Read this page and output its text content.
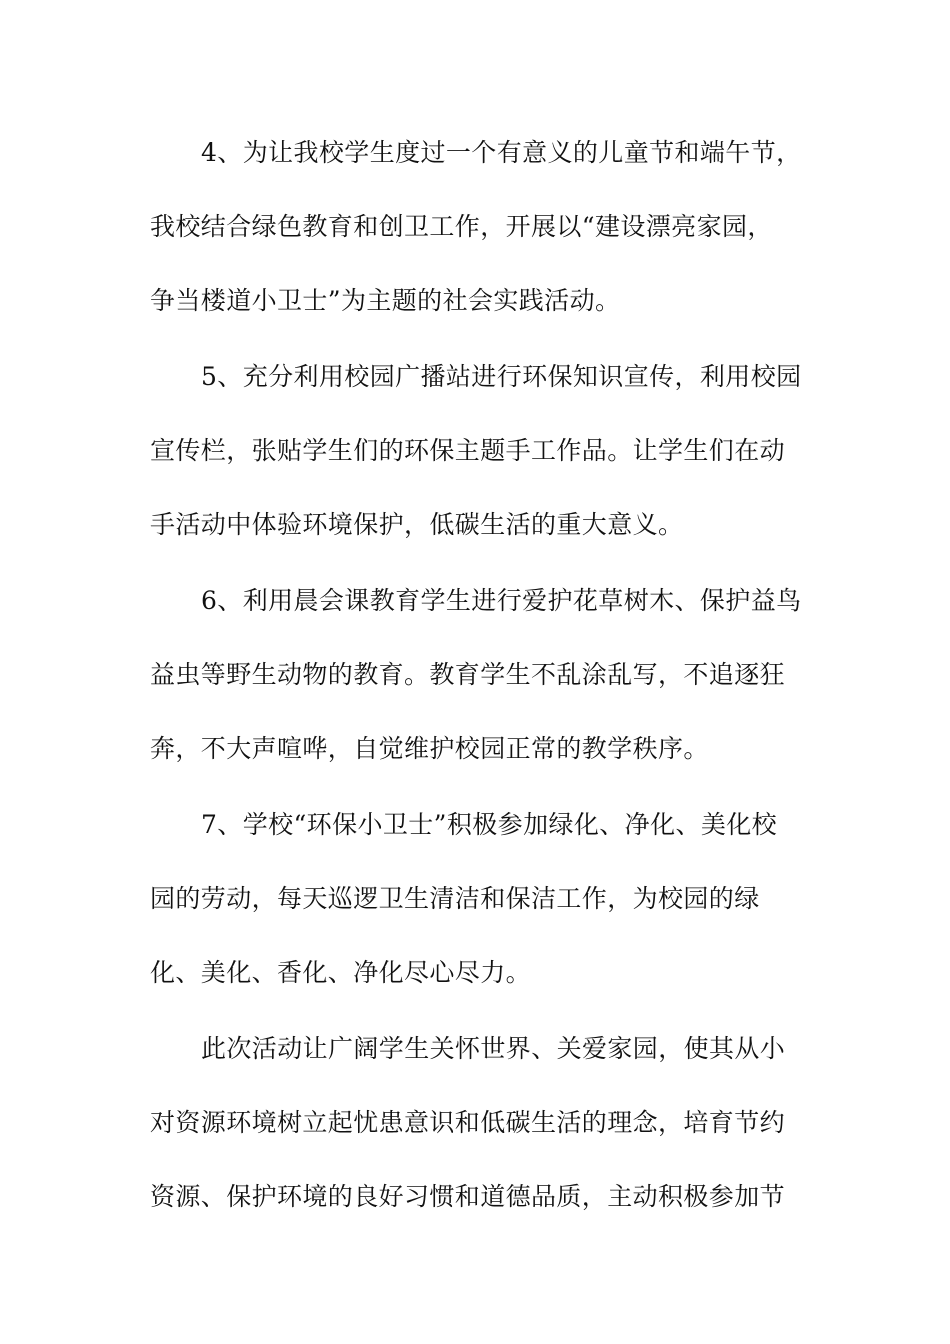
4、为让我校学生度过一个有意义的儿童节和端午节，
我校结合绿色教育和创卫工作，开展以“建设漂亮家园，
争当楼道小卫士”为主题的社会实践活动。
5、充分利用校园广播站进行环保知识宣传，利用校园
宣传栏，张贴学生们的环保主题手工作品。让学生们在动
手活动中体验环境保护，低碳生活的重大意义。
6、利用晨会课教育学生进行爱护花草树木、保护益鸟
益虫等野生动物的教育。教育学生不乱涂乱写，不追逐狂
奔，不大声喧哗，自觉维护校园正常的教学秩序。
7、学校“环保小卫士”积极参加绿化、净化、美化校
园的劳动，每天巡逻卫生清洁和保洁工作，为校园的绿
化、美化、香化、净化尽心尽力。
此次活动让广阔学生关怀世界、关爱家园，使其从小
对资源环境树立起忧患意识和低碳生活的理念，培育节约
资源、保护环境的良好习惯和道德品质，主动积极参加节
